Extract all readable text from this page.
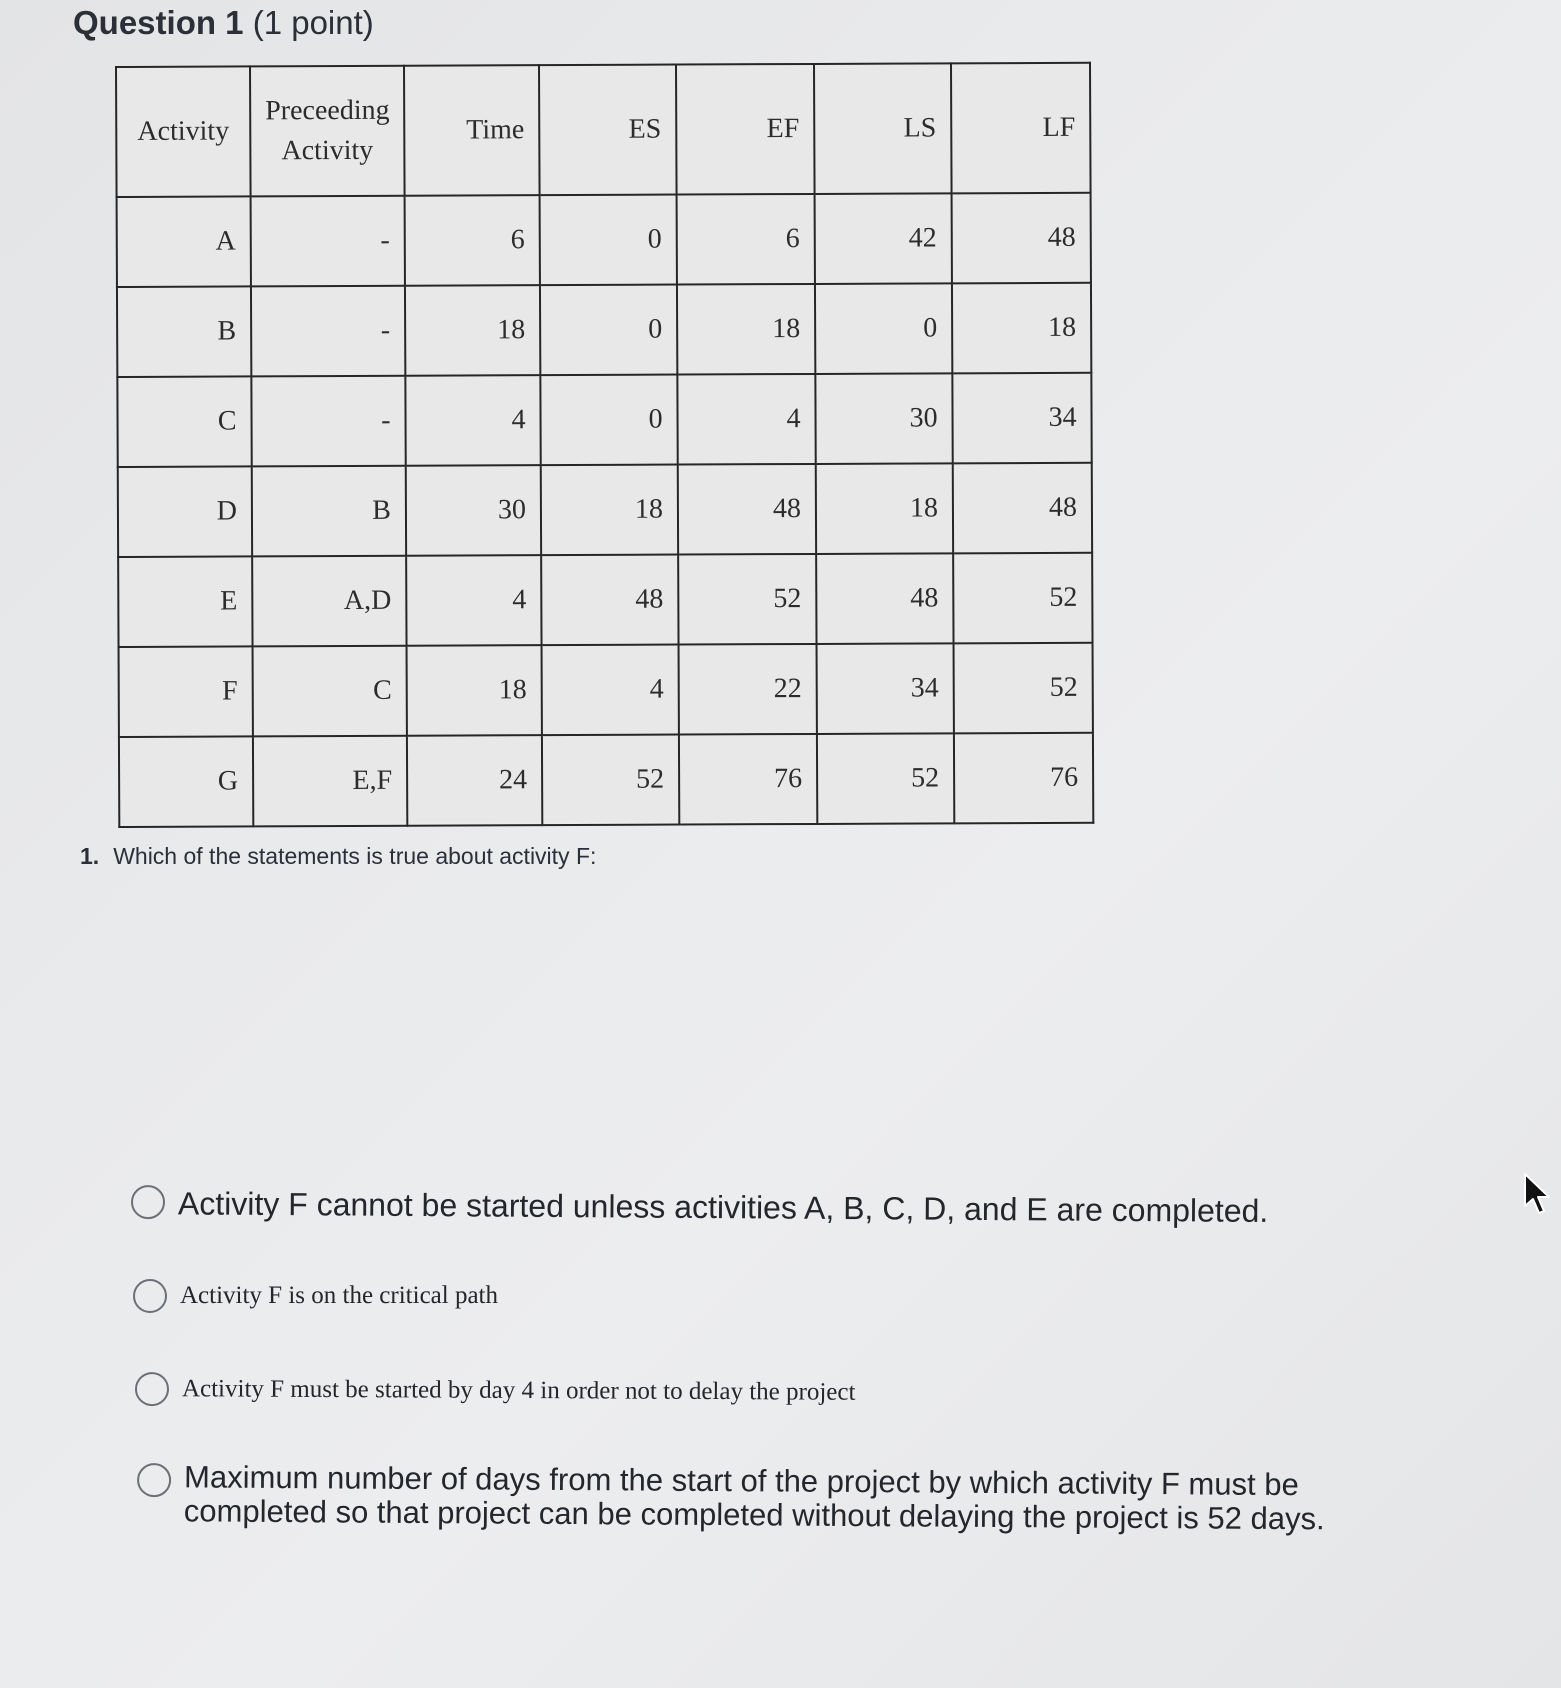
Question 1 (1 point)
Activity	Preceeding Activity	Time	ES	EF	LS	LF
A	-	6	0	6	42	48
B	-	18	0	18	0	18
C	-	4	0	4	30	34
D	B	30	18	48	18	48
E	A,D	4	48	52	48	52
F	C	18	4	22	34	52
G	E,F	24	52	76	52	76
1. Which of the statements is true about activity F:
Activity F cannot be started unless activities A, B, C, D, and E are completed.
Activity F is on the critical path
Activity F must be started by day 4 in order not to delay the project
Maximum number of days from the start of the project by which activity F must be completed so that project can be completed without delaying the project is 52 days.
